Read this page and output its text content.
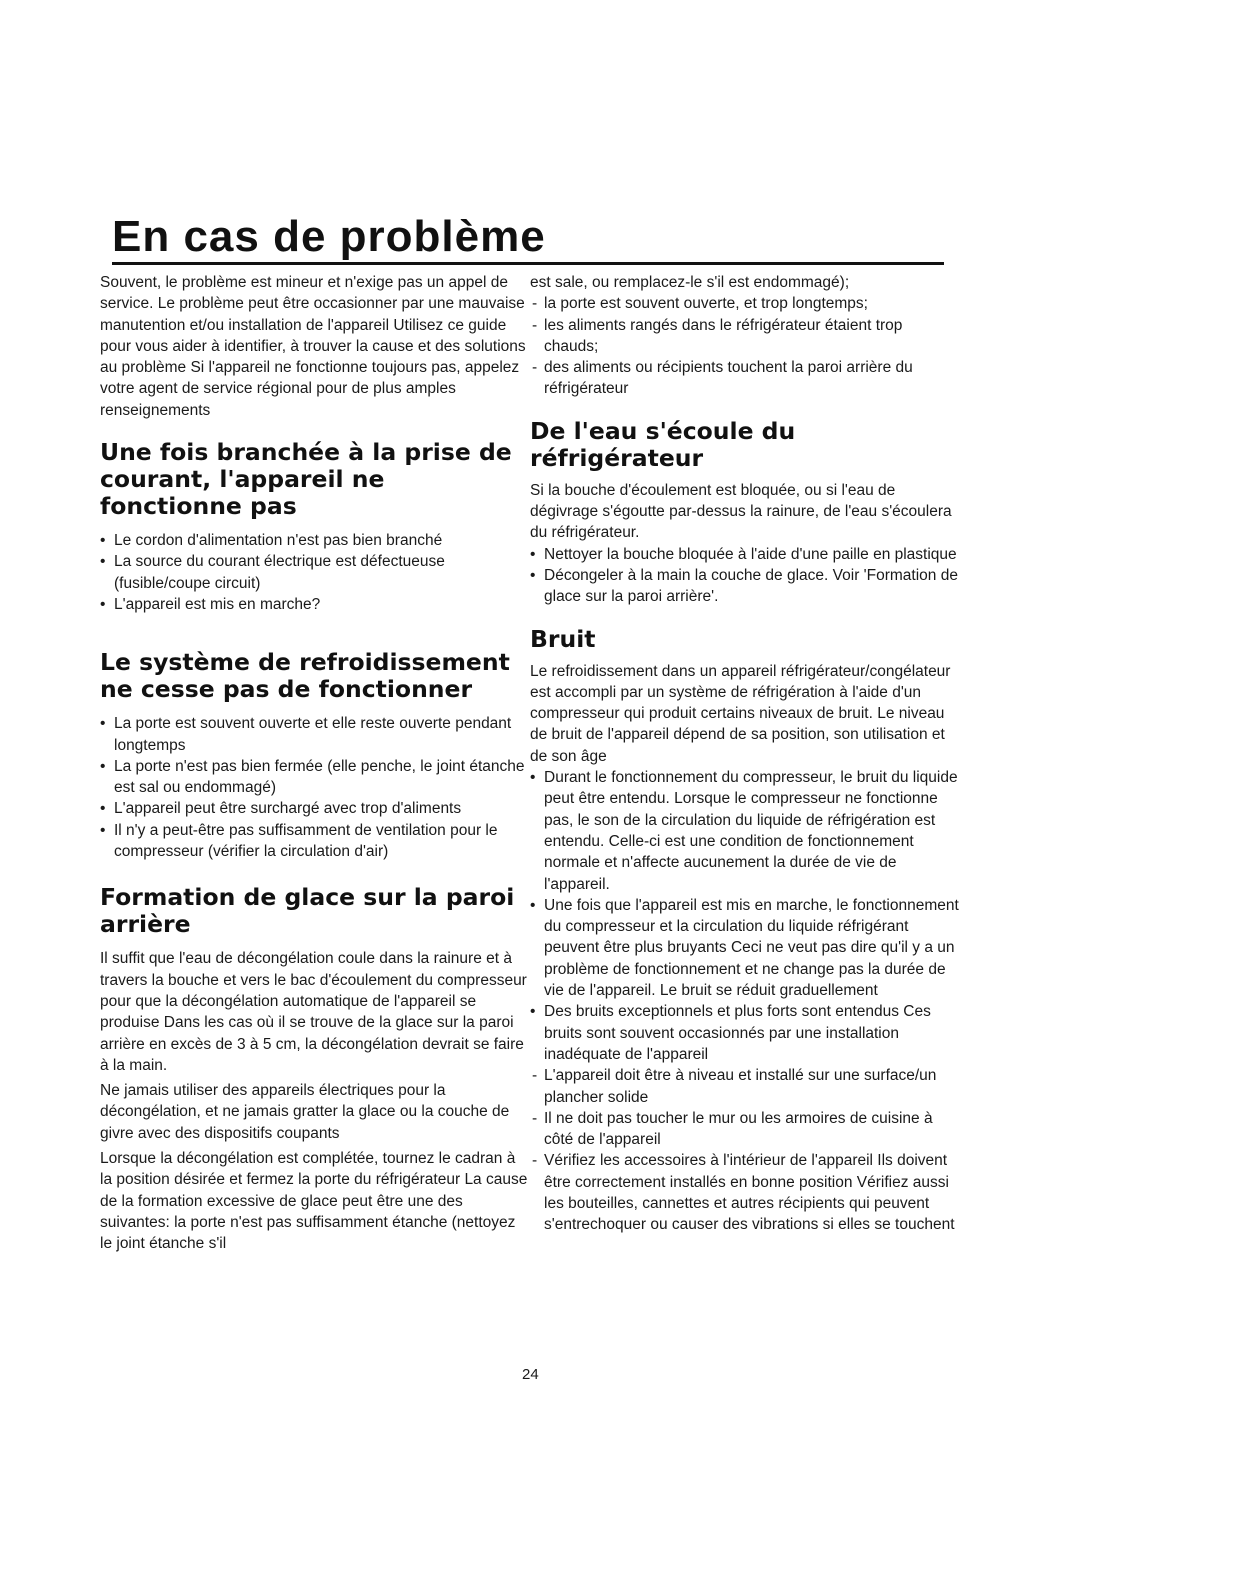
En cas de problème

Souvent, le problème est mineur et n'exige pas un appel de service. Le problème peut être occasionner par une mauvaise manutention et/ou installation de l'appareil Utilisez ce guide pour vous aider à identifier, à trouver la cause et des solutions au problème Si l'appareil ne fonctionne toujours pas, appelez votre agent de service régional pour de plus amples renseignements

Une fois branchée à la prise de courant, l'appareil ne fonctionne pas
• Le cordon d'alimentation n'est pas bien branché
• La source du courant électrique est défectueuse (fusible/coupe circuit)
• L'appareil est mis en marche?
Le système de refroidissement ne cesse pas de fonctionner
• La porte est souvent ouverte et elle reste ouverte pendant longtemps
• La porte n'est pas bien fermée (elle penche, le joint étanche est sal ou endommagé)
• L'appareil peut être surchargé avec trop d'aliments
• Il n'y a peut-être pas suffisamment de ventilation pour le compresseur (vérifier la circulation d'air)
Formation de glace sur la paroi arrière

Il suffit que l'eau de décongélation coule dans la rainure et à travers la bouche et vers le bac d'écoulement du compresseur pour que la décongélation automatique de l'appareil se produise Dans les cas où il se trouve de la glace sur la paroi arrière en excès de 3 à 5 cm, la décongélation devrait se faire à la main.

Ne jamais utiliser des appareils électriques pour la décongélation, et ne jamais gratter la glace ou la couche de givre avec des dispositifs coupants

Lorsque la décongélation est complétée, tournez le cadran à la position désirée et fermez la porte du réfrigérateur La cause de la formation excessive de glace peut être une des suivantes: la porte n'est pas suffisamment étanche (nettoyez le joint étanche s'il

est sale, ou remplacez-le s'il est endommagé);

- la porte est souvent ouverte, et trop longtemps;
- les aliments rangés dans le réfrigérateur étaient trop chauds;
- des aliments ou récipients touchent la paroi arrière du réfrigérateur
De l'eau s'écoule du réfrigérateur

Si la bouche d'écoulement est bloquée, ou si l'eau de dégivrage s'égoutte par-dessus la rainure, de l'eau s'écoulera du réfrigérateur.

• Nettoyer la bouche bloquée à l'aide d'une paille en plastique
• Décongeler à la main la couche de glace. Voir 'Formation de glace sur la paroi arrière'.
Bruit

Le refroidissement dans un appareil réfrigérateur/congélateur est accompli par un système de réfrigération à l'aide d'un compresseur qui produit certains niveaux de bruit. Le niveau de bruit de l'appareil dépend de sa position, son utilisation et de son âge

• Durant le fonctionnement du compresseur, le bruit du liquide peut être entendu. Lorsque le compresseur ne fonctionne pas, le son de la circulation du liquide de réfrigération est entendu. Celle-ci est une condition de fonctionnement normale et n'affecte aucunement la durée de vie de l'appareil.
• Une fois que l'appareil est mis en marche, le fonctionnement du compresseur et la circulation du liquide réfrigérant peuvent être plus bruyants Ceci ne veut pas dire qu'il y a un problème de fonctionnement et ne change pas la durée de vie de l'appareil. Le bruit se réduit graduellement
• Des bruits exceptionnels et plus forts sont entendus Ces bruits sont souvent occasionnés par une installation inadéquate de l'appareil
- L'appareil doit être à niveau et installé sur une surface/un plancher solide
- Il ne doit pas toucher le mur ou les armoires de cuisine à côté de l'appareil
- Vérifiez les accessoires à l'intérieur de l'appareil Ils doivent être correctement installés en bonne position Vérifiez aussi les bouteilles, cannettes et autres récipients qui peuvent s'entrechoquer ou causer des vibrations si elles se touchent
24
